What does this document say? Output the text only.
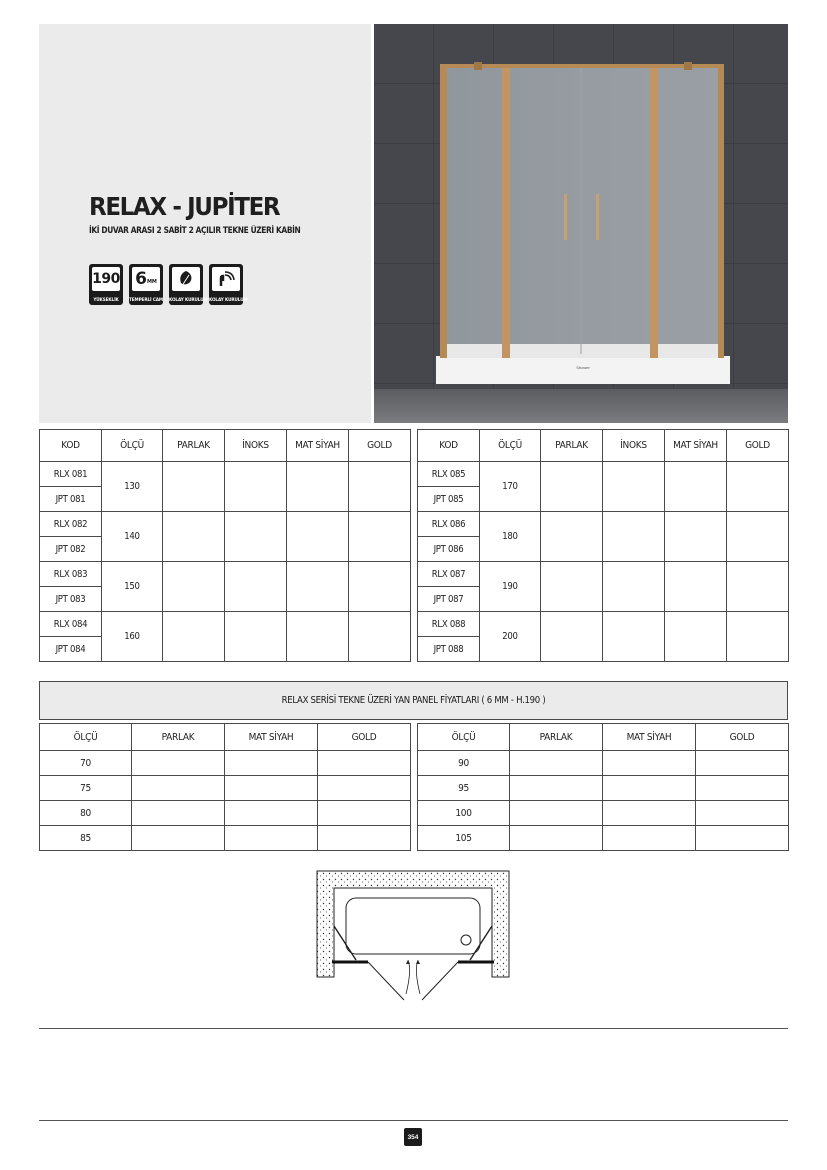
RELAX - JUPİTER
İKİ DUVAR ARASI 2 SABİT 2 AÇILIR TEKNE ÜZERİ KABİN
190
YÜKSEKLİK
6 MM
TEMPERLİ CAM KOLAY KURULUM KOLAY KURULUM
Shower
KOD	ÖLÇÜ	PARLAK	İNOKS	MAT SİYAH	GOLD
RLX 081	130				
JPT 081					
RLX 082	140				
JPT 082					
RLX 083	150				
JPT 083					
RLX 084	160				
JPT 084					
KOD	ÖLÇÜ	PARLAK	İNOKS	MAT SİYAH	GOLD
RLX 085	170				
JPT 085					
RLX 086	180				
JPT 086					
RLX 087	190				
JPT 087					
RLX 088	200				
JPT 088					
RELAX SERİSİ TEKNE ÜZERİ YAN PANEL FİYATLARI ( 6 MM - H.190 )
ÖLÇÜ	PARLAK	MAT SİYAH	GOLD
70			
75			
80			
85			
ÖLÇÜ	PARLAK	MAT SİYAH	GOLD
90			
95			
100			
105			
354
